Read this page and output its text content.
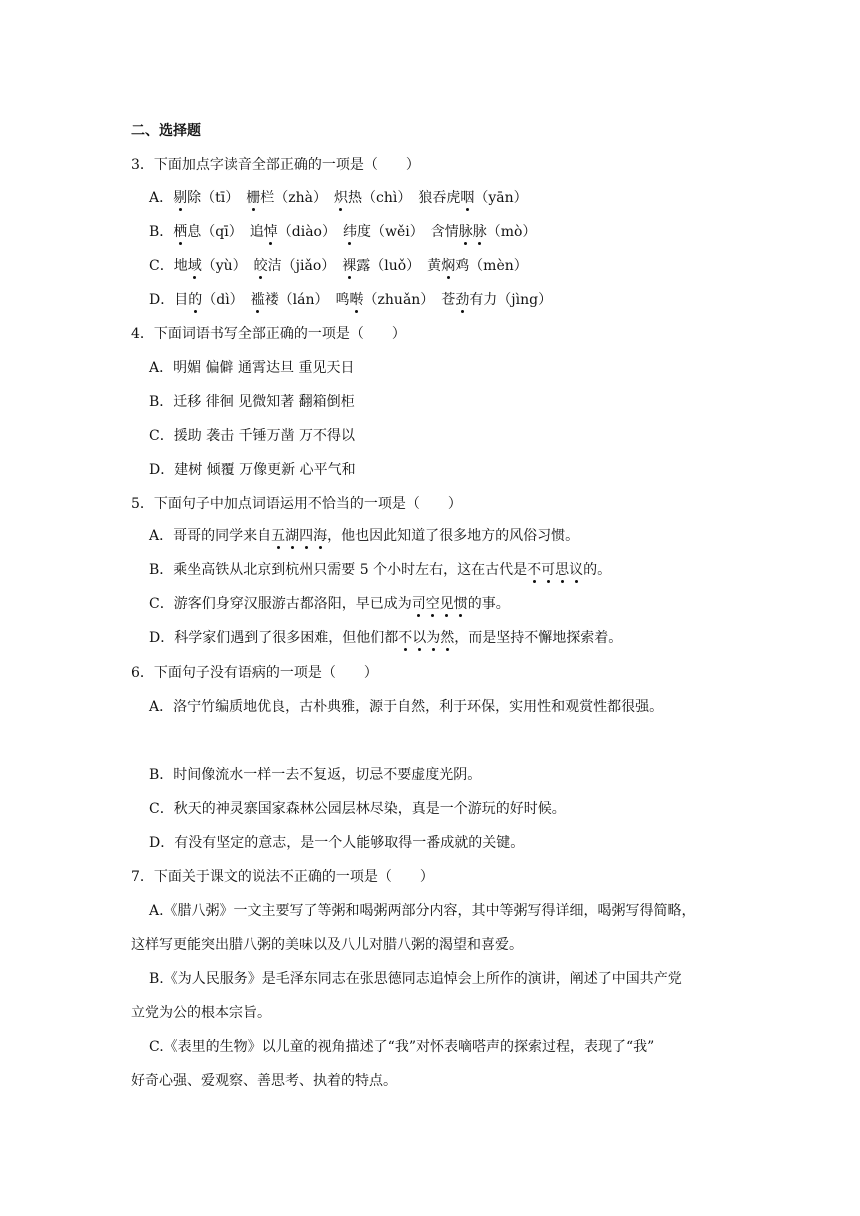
二、选择题
3．下面加点字读音全部正确的一项是（　　）
A．剔除（tī）　栅栏（zhà）　炽热（chì）　狼吞虎咽（yān）
B．栖息（qī）　追悼（diào）　纬度（wěi）　含情脉脉（mò）
C．地域（yù）　皎洁（jiǎo）　裸露（luǒ）　黄焖鸡（mèn）
D．目的（dì）　褴褛（lán）　鸣啭（zhuǎn）　苍劲有力（jìng）
4．下面词语书写全部正确的一项是（　　）
A．明媚 偏僻 通霄达旦 重见天日
B．迁移 徘徊 见微知著 翻箱倒柜
C．援助 袭击 千锤万凿 万不得以
D．建树 倾覆 万像更新 心平气和
5．下面句子中加点词语运用不恰当的一项是（　　）
A．哥哥的同学来自五湖四海，他也因此知道了很多地方的风俗习惯。
B．乘坐高铁从北京到杭州只需要 5 个小时左右，这在古代是不可思议的。
C．游客们身穿汉服游古都洛阳，早已成为司空见惯的事。
D．科学家们遇到了很多困难，但他们都不以为然，而是坚持不懈地探索着。
6．下面句子没有语病的一项是（　　）
A．洛宁竹编质地优良，古朴典雅，源于自然，利于环保，实用性和观赏性都很强。
B．时间像流水一样一去不复返，切忌不要虚度光阴。
C．秋天的神灵寨国家森林公园层林尽染，真是一个游玩的好时候。
D．有没有坚定的意志，是一个人能够取得一番成就的关键。
7．下面关于课文的说法不正确的一项是（　　）
A.《腊八粥》一文主要写了等粥和喝粥两部分内容，其中等粥写得详细，喝粥写得简略，
这样写更能突出腊八粥的美味以及八儿对腊八粥的渴望和喜爱。
B.《为人民服务》是毛泽东同志在张思德同志追悼会上所作的演讲，阐述了中国共产党
立党为公的根本宗旨。
C.《表里的生物》以儿童的视角描述了“我”对怀表嘀嗒声的探索过程，表现了“我”
好奇心强、爱观察、善思考、执着的特点。
